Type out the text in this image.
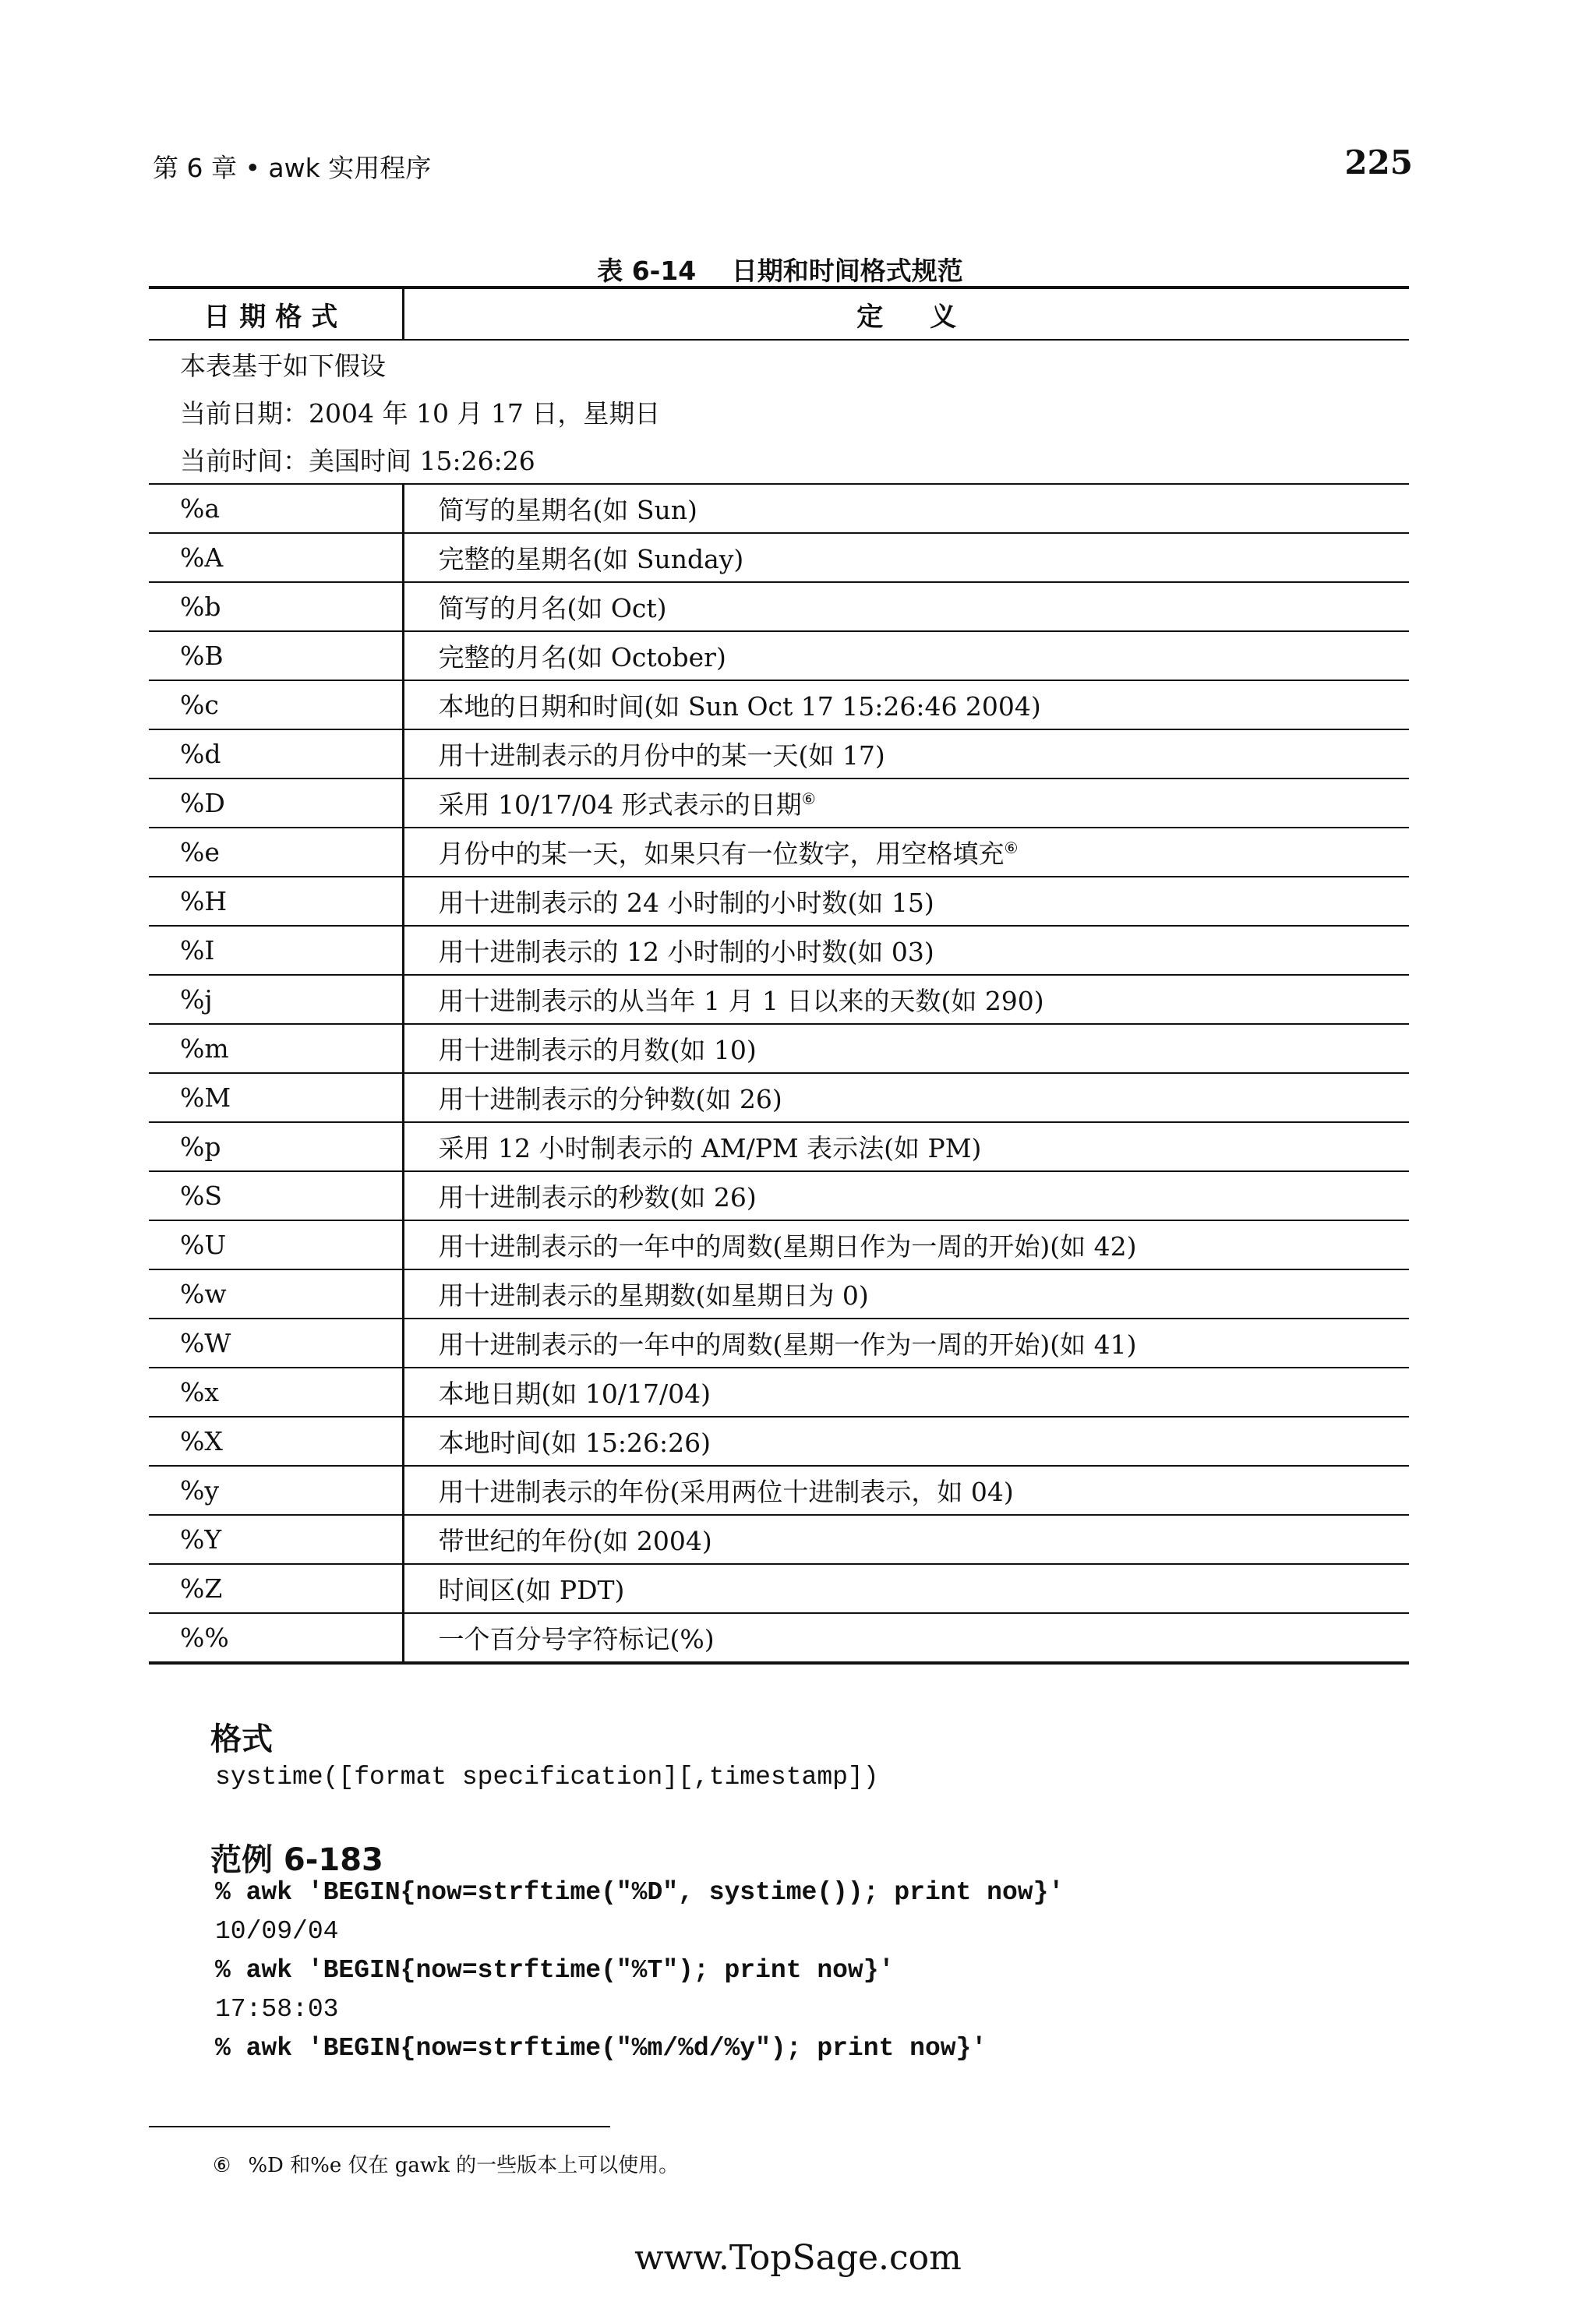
第 6 章 • awk 实用程序	225
表 6-14 日期和时间格式规范
日期格式	定义
本表基于如下假设	
当前日期：2004 年 10 月 17 日，星期日	
当前时间：美国时间 15:26:26	
%a	简写的星期名(如 Sun)
%A	完整的星期名(如 Sunday)
%b	简写的月名(如 Oct)
%B	完整的月名(如 October)
%c	本地的日期和时间(如 Sun Oct 17 15:26:46 2004)
%d	用十进制表示的月份中的某一天(如 17)
%D	采用 10/17/04 形式表示的日期⑥
%e	月份中的某一天，如果只有一位数字，用空格填充⑥
%H	用十进制表示的 24 小时制的小时数(如 15)
%I	用十进制表示的 12 小时制的小时数(如 03)
%j	用十进制表示的从当年 1 月 1 日以来的天数(如 290)
%m	用十进制表示的月数(如 10)
%M	用十进制表示的分钟数(如 26)
%p	采用 12 小时制表示的 AM/PM 表示法(如 PM)
%S	用十进制表示的秒数(如 26)
%U	用十进制表示的一年中的周数(星期日作为一周的开始)(如 42)
%w	用十进制表示的星期数(如星期日为 0)
%W	用十进制表示的一年中的周数(星期一作为一周的开始)(如 41)
%x	本地日期(如 10/17/04)
%X	本地时间(如 15:26:26)
%y	用十进制表示的年份(采用两位十进制表示，如 04)
%Y	带世纪的年份(如 2004)
%Z	时间区(如 PDT)
%%	一个百分号字符标记(%)
格式
systime([format specification][,timestamp])
范例 6-183
% awk 'BEGIN{now=strftime("%D", systime()); print now}'
10/09/04
% awk 'BEGIN{now=strftime("%T"); print now}'
17:58:03
% awk 'BEGIN{now=strftime("%m/%d/%y"); print now}'
⑥ %D 和%e 仅在 gawk 的一些版本上可以使用。
www.TopSage.com
